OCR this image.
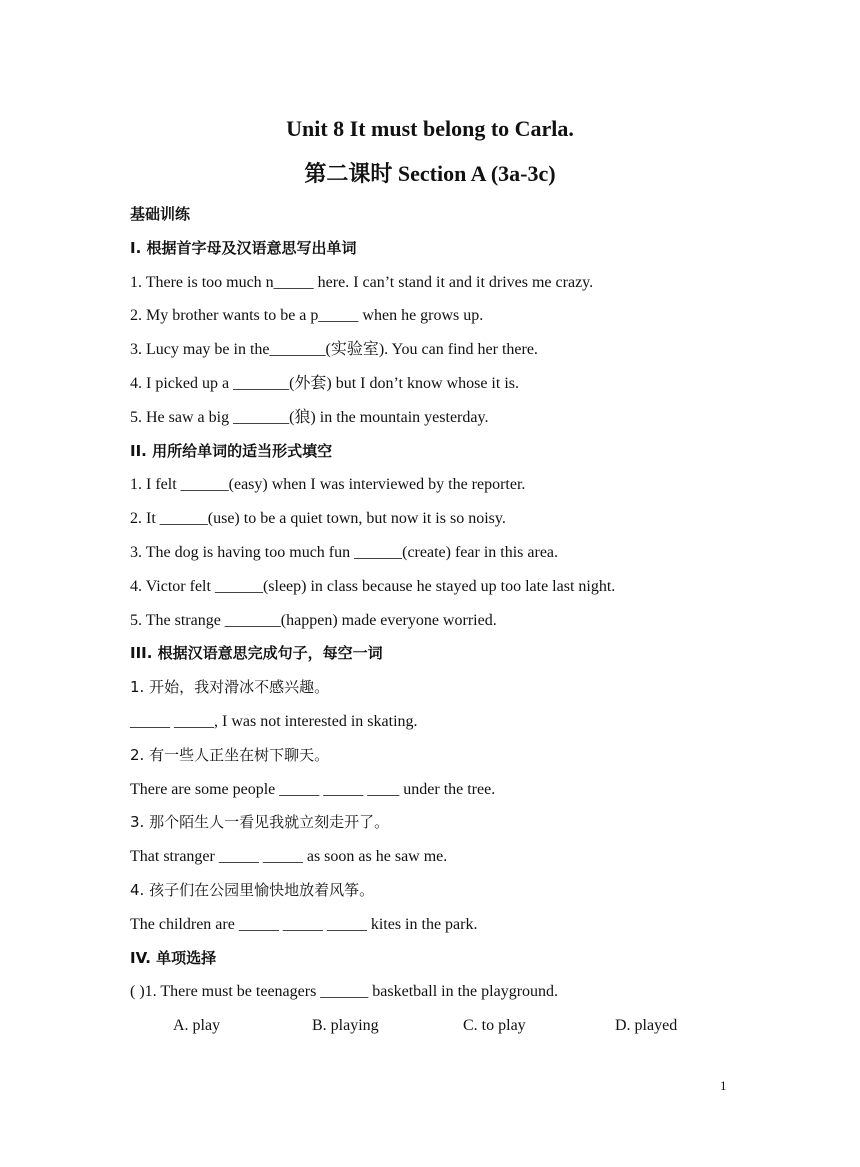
Unit 8 It must belong to Carla.
第二课时 Section A (3a-3c)
基础训练
I. 根据首字母及汉语意思写出单词
1. There is too much n_____ here. I can’t stand it and it drives me crazy.
2. My brother wants to be a p_____ when he grows up.
3. Lucy may be in the_______(实验室). You can find her there.
4. I picked up a _______(外套) but I don’t know whose it is.
5. He saw a big _______(狼) in the mountain yesterday.
II. 用所给单词的适当形式填空
1. I felt ______(easy) when I was interviewed by the reporter.
2. It ______(use) to be a quiet town, but now it is so noisy.
3. The dog is having too much fun ______(create) fear in this area.
4. Victor felt ______(sleep) in class because he stayed up too late last night.
5. The strange _______(happen) made everyone worried.
III. 根据汉语意思完成句子，每空一词
1. 开始，我对滑冰不感兴趣。
_____ _____, I was not interested in skating.
2. 有一些人正坐在树下聊天。
There are some people _____ _____ ____ under the tree.
3. 那个陌生人一看见我就立刻走开了。
That stranger _____ _____ as soon as he saw me.
4. 孩子们在公园里愉快地放着风筝。
The children are _____ _____ _____ kites in the park.
IV. 单项选择
( )1. There must be teenagers ______ basketball in the playground.
A. play	B. playing	C. to play	D. played
1
